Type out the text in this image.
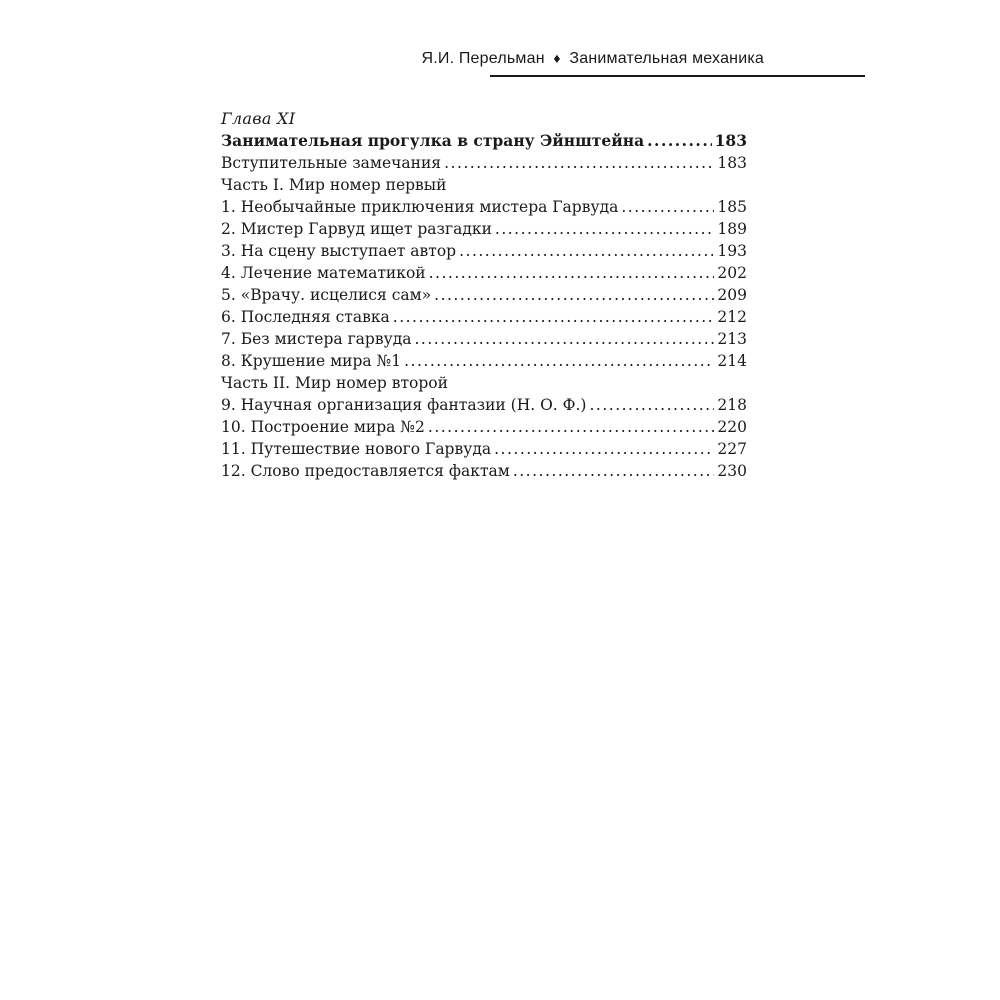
Я.И. Перельман ♦ Занимательная механика
Глава XI
Занимательная прогулка в страну Эйнштейна .....	183
Вступительные замечания .....	183
Часть I. Мир номер первый
1. Необычайные приключения мистера Гарвуда .....	185
2. Мистер Гарвуд ищет разгадки .....	189
3. На сцену выступает автор .....	193
4. Лечение математикой .....	202
5. «Врачу. исцелися сам» .....	209
6. Последняя ставка .....	212
7. Без мистера гарвуда .....	213
8. Крушение мира №1 .....	214
Часть II. Мир номер второй
9. Научная организация фантазии (Н. О. Ф.) .....	218
10. Построение мира №2 .....	220
11. Путешествие нового Гарвуда .....	227
12. Слово предоставляется фактам .....	230
